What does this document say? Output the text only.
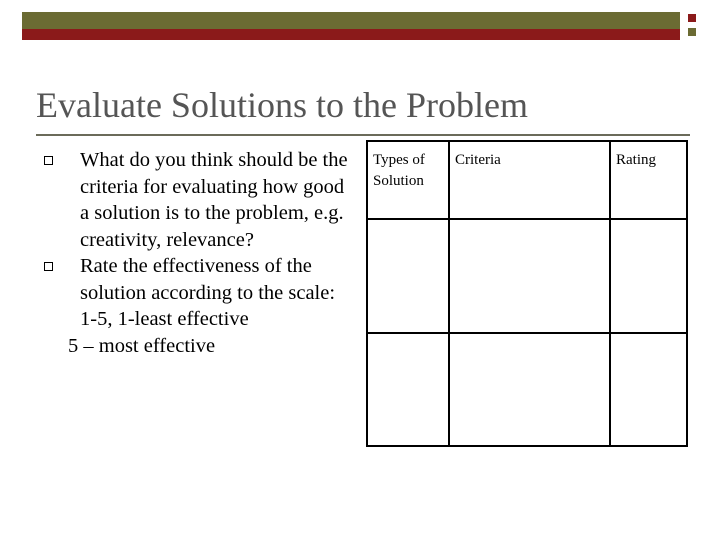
Evaluate Solutions to the Problem
What do you think should be the criteria for evaluating how good a solution is to the problem, e.g. creativity, relevance?
Rate the effectiveness of the solution according to the scale:
1-5, 1-least effective
5 – most effective
Types of Solution	Criteria	Rating
